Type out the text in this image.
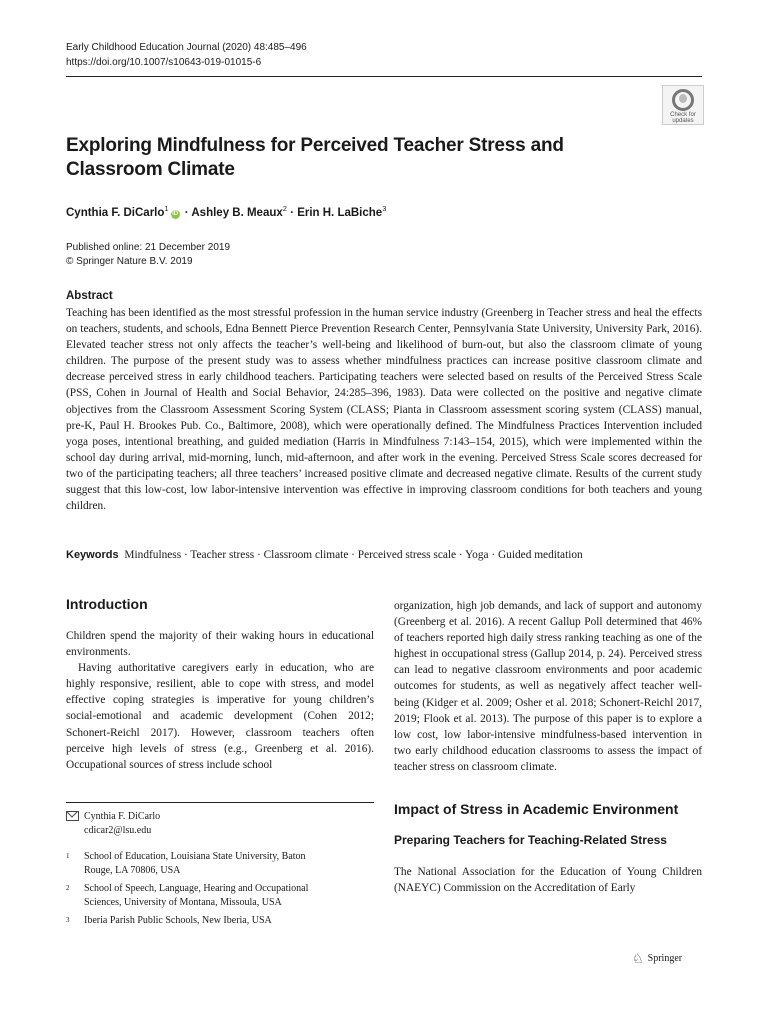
Early Childhood Education Journal (2020) 48:485–496
https://doi.org/10.1007/s10643-019-01015-6
Check for
updates
Exploring Mindfulness for Perceived Teacher Stress and Classroom Climate
Cynthia F. DiCarlo$^1$iD · Ashley B. Meaux$^2$ · Erin H. LaBiche$^3$
Published online: 21 December 2019
© Springer Nature B.V. 2019
Abstract

Teaching has been identified as the most stressful profession in the human service industry (Greenberg in Teacher stress and heal the effects on teachers, students, and schools, Edna Bennett Pierce Prevention Research Center, Pennsylvania State University, University Park, 2016). Elevated teacher stress not only affects the teacher’s well-being and likelihood of burn-out, but also the classroom climate of young children. The purpose of the present study was to assess whether mindfulness practices can increase positive classroom climate and decrease perceived stress in early childhood teachers. Participating teachers were selected based on results of the Perceived Stress Scale (PSS, Cohen in Journal of Health and Social Behavior, 24:285–396, 1983). Data were collected on the positive and negative climate objectives from the Classroom Assessment Scoring System (CLASS; Pianta in Classroom assessment scoring system (CLASS) manual, pre-K, Paul H. Brookes Pub. Co., Baltimore, 2008), which were operationally defined. The Mindfulness Practices Intervention included yoga poses, intentional breathing, and guided mediation (Harris in Mindfulness 7:143–154, 2015), which were implemented within the school day during arrival, mid-morning, lunch, mid-afternoon, and after work in the evening. Perceived Stress Scale scores decreased for two of the participating teachers; all three teachers’ increased positive climate and decreased negative climate. Results of the current study suggest that this low-cost, low labor-intensive intervention was effective in improving classroom conditions for both teachers and young children.

Keywords Mindfulness · Teacher stress · Classroom climate · Perceived stress scale · Yoga · Guided meditation
Introduction

Children spend the majority of their waking hours in educational environments.

Having authoritative caregivers early in education, who are highly responsive, resilient, able to cope with stress, and model effective coping strategies is imperative for young children’s social-emotional and academic development (Cohen 2012; Schonert-Reichl 2017). However, classroom teachers often perceive high levels of stress (e.g., Greenberg et al. 2016). Occupational sources of stress include school

organization, high job demands, and lack of support and autonomy (Greenberg et al. 2016). A recent Gallup Poll determined that 46% of teachers reported high daily stress ranking teaching as one of the highest in occupational stress (Gallup 2014, p. 24). Perceived stress can lead to negative classroom environments and poor academic outcomes for students, as well as negatively affect teacher well-being (Kidger et al. 2009; Osher et al. 2018; Schonert-Reichl 2017, 2019; Flook et al. 2013). The purpose of this paper is to explore a low cost, low labor-intensive mindfulness-based intervention in two early childhood education classrooms to assess the impact of teacher stress on classroom climate.

Impact of Stress in Academic Environment
Preparing Teachers for Teaching-Related Stress

The National Association for the Education of Young Children (NAEYC) Commission on the Accreditation of Early

Cynthia F. DiCarlo
cdicar2@lsu.edu
1	School of Education, Louisiana State University, Baton Rouge, LA 70806, USA
2	School of Speech, Language, Hearing and Occupational Sciences, University of Montana, Missoula, USA
3	Iberia Parish Public Schools, New Iberia, USA
♘ Springer
